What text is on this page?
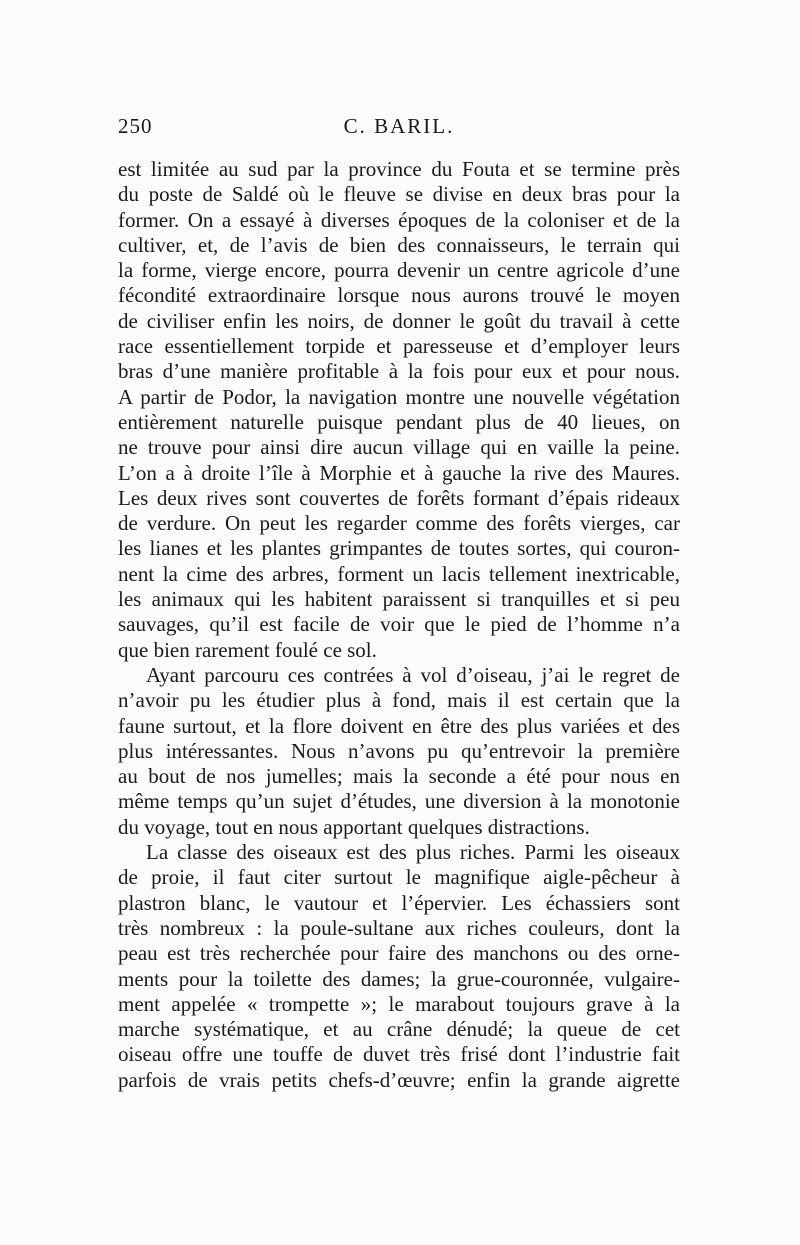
250	C. BARIL.
est limitée au sud par la province du Fouta et se termine près
du poste de Saldé où le fleuve se divise en deux bras pour la
former. On a essayé à diverses époques de la coloniser et de la
cultiver, et, de l’avis de bien des connaisseurs, le terrain qui
la forme, vierge encore, pourra devenir un centre agricole d’une
fécondité extraordinaire lorsque nous aurons trouvé le moyen
de civiliser enfin les noirs, de donner le goût du travail à cette
race essentiellement torpide et paresseuse et d’employer leurs
bras d’une manière profitable à la fois pour eux et pour nous.
A partir de Podor, la navigation montre une nouvelle végétation
entièrement naturelle puisque pendant plus de 40 lieues, on
ne trouve pour ainsi dire aucun village qui en vaille la peine.
L’on a à droite l’île à Morphie et à gauche la rive des Maures.
Les deux rives sont couvertes de forêts formant d’épais rideaux
de verdure. On peut les regarder comme des forêts vierges, car
les lianes et les plantes grimpantes de toutes sortes, qui couron-
nent la cime des arbres, forment un lacis tellement inextricable,
les animaux qui les habitent paraissent si tranquilles et si peu
sauvages, qu’il est facile de voir que le pied de l’homme n’a
que bien rarement foulé ce sol.
Ayant parcouru ces contrées à vol d’oiseau, j’ai le regret de
n’avoir pu les étudier plus à fond, mais il est certain que la
faune surtout, et la flore doivent en être des plus variées et des
plus intéressantes. Nous n’avons pu qu’entrevoir la première
au bout de nos jumelles; mais la seconde a été pour nous en
même temps qu’un sujet d’études, une diversion à la monotonie
du voyage, tout en nous apportant quelques distractions.
La classe des oiseaux est des plus riches. Parmi les oiseaux
de proie, il faut citer surtout le magnifique aigle-pêcheur à
plastron blanc, le vautour et l’épervier. Les échassiers sont
très nombreux : la poule-sultane aux riches couleurs, dont la
peau est très recherchée pour faire des manchons ou des orne-
ments pour la toilette des dames; la grue-couronnée, vulgaire-
ment appelée « trompette »; le marabout toujours grave à la
marche systématique, et au crâne dénudé; la queue de cet
oiseau offre une touffe de duvet très frisé dont l’industrie fait
parfois de vrais petits chefs-d’œuvre; enfin la grande aigrette
